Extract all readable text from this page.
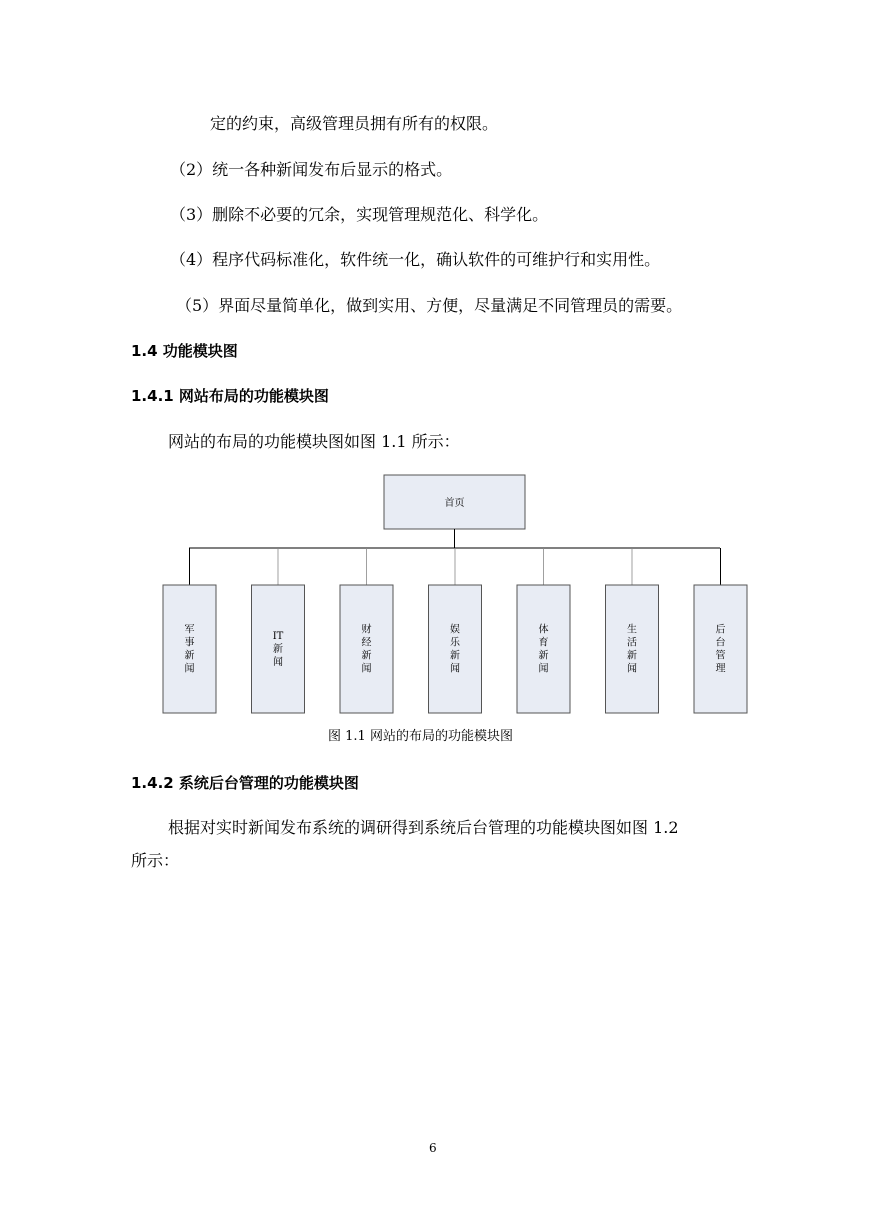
定的约束，高级管理员拥有所有的权限。
（2）统一各种新闻发布后显示的格式。
（3）删除不必要的冗余，实现管理规范化、科学化。
（4）程序代码标准化，软件统一化，确认软件的可维护行和实用性。
（5）界面尽量简单化，做到实用、方便，尽量满足不同管理员的需要。
1.4 功能模块图
1.4.1 网站布局的功能模块图
网站的布局的功能模块图如图 1.1 所示：
首页
军
事
新
闻
IT
新
闻
财
经
新
闻
娱
乐
新
闻
体
育
新
闻
生
活
新
闻
后
台
管
理
图 1.1 网站的布局的功能模块图
1.4.2 系统后台管理的功能模块图
根据对实时新闻发布系统的调研得到系统后台管理的功能模块图如图 1.2
所示：
6
